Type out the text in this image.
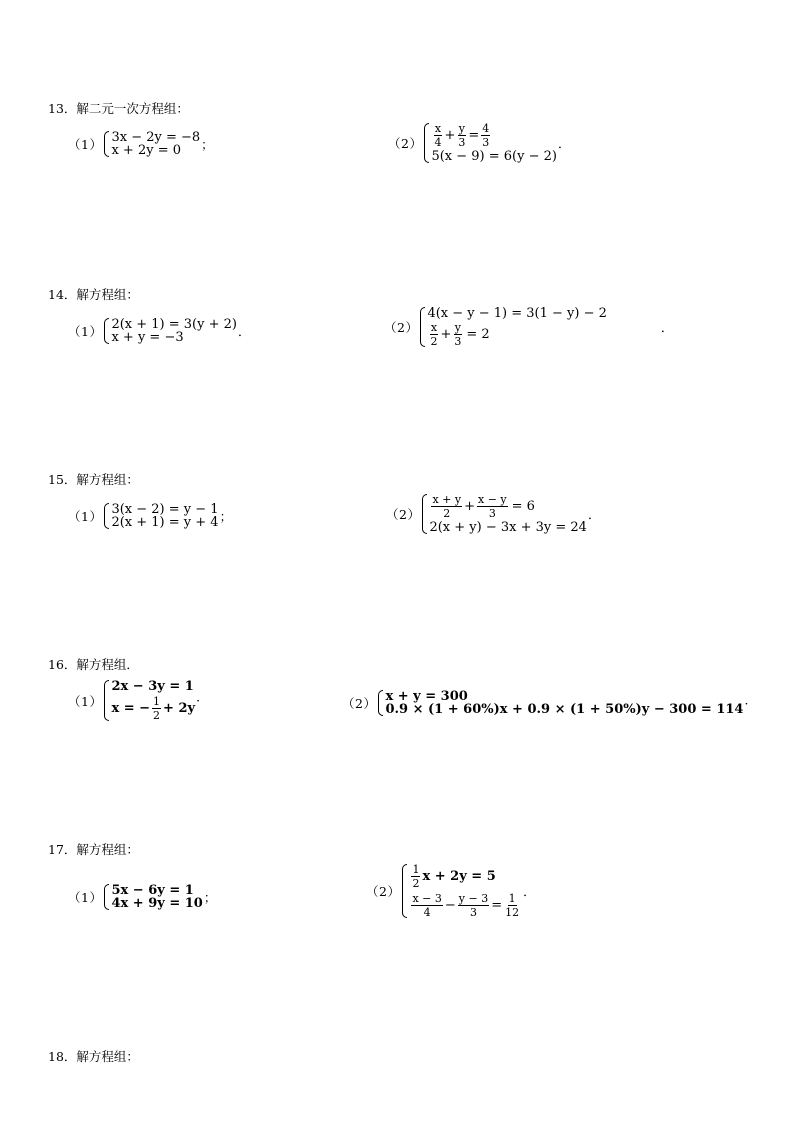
13．解二元一次方程组：
（1） 3x − 2y = −8
x + 2y = 0	；	$(2) \frac{x}{4} + \frac{y}{3} = \frac{4}{3}$
5(x − 9) = 6(y − 2)
．
14．解方程组：
（1） 2(x + 1) = 3(y + 2)
x + y = −3	．	（2）
4(x − y − 1) = 3(1 − y) − 2
$\frac{x}{2} + \frac{y}{3} = 2$	．
15．解方程组：
（1） 3(x − 2) = y − 1
2(x + 1) = y + 4 ；	$(2) \frac{x + y}{2} + \frac{x - y}{3} = 6$
2(x + y) − 3x + 3y = 24
．
16．解方程组．
（1）
2x − 3y = 1
x = − $\frac{1}{2} + 2y$
·	（2） x + y = 300
0.9 × (1 + 60%)x + 0.9 × (1 + 50%)y − 300 = 114 ·
17．解方程组：
（1） 5x − 6y = 1
4x + 9y = 10 ；	（2）
$\frac{1}{2}$ x + 2y = 5
$\frac{x - 3}{4} - \frac{y - 3}{3} = \frac{1}{12}$
．
18．解方程组：
